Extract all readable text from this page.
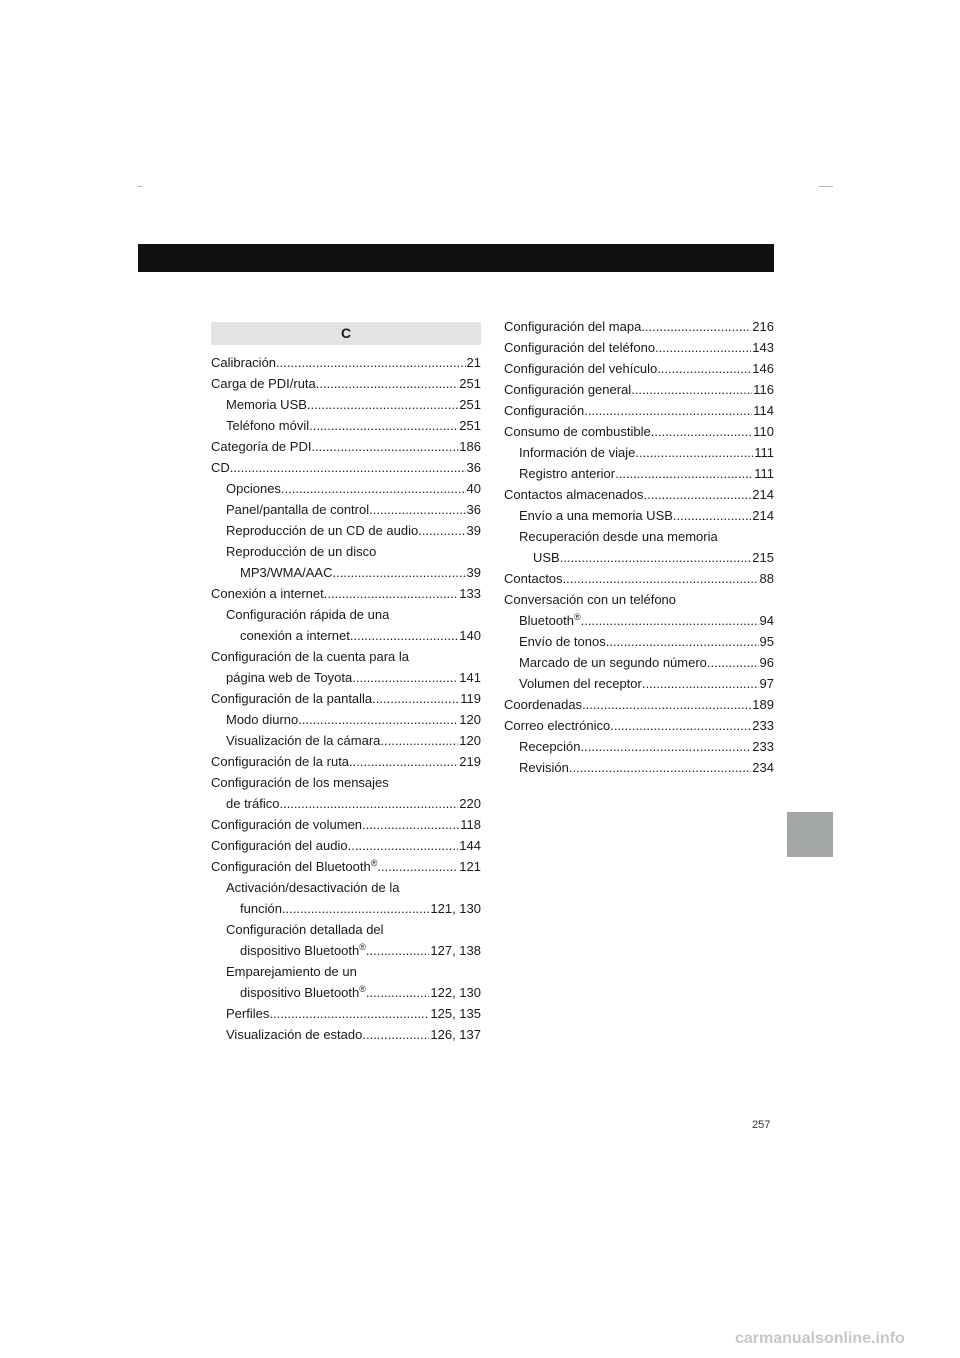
C
Calibración .....	21
Carga de PDI/ruta .....	251
Memoria USB .....	251
Teléfono móvil .....	251
Categoría de PDI .....	186
CD .....	36
Opciones .....	40
Panel/pantalla de control .....	36
Reproducción de un CD de audio .....	39
Reproducción de un disco
MP3/WMA/AAC .....	39
Conexión a internet .....	133
Configuración rápida de una
conexión a internet .....	140
Configuración de la cuenta para la
página web de Toyota .....	141
Configuración de la pantalla .....	119
Modo diurno .....	120
Visualización de la cámara .....	120
Configuración de la ruta .....	219
Configuración de los mensajes
de tráfico .....	220
Configuración de volumen .....	118
Configuración del audio .....	144
Configuración del Bluetooth® .....	121
Activación/desactivación de la
función .....	121, 130
Configuración detallada del
dispositivo Bluetooth® .....	127, 138
Emparejamiento de un
dispositivo Bluetooth® .....	122, 130
Perfiles .....	125, 135
Visualización de estado .....	126, 137
Configuración del mapa .....	216
Configuración del teléfono .....	143
Configuración del vehículo .....	146
Configuración general .....	116
Configuración .....	114
Consumo de combustible .....	110
Información de viaje .....	111
Registro anterior .....	111
Contactos almacenados .....	214
Envío a una memoria USB .....	214
Recuperación desde una memoria
USB .....	215
Contactos .....	88
Conversación con un teléfono
Bluetooth® .....	94
Envío de tonos .....	95
Marcado de un segundo número .....	96
Volumen del receptor .....	97
Coordenadas .....	189
Correo electrónico .....	233
Recepción .....	233
Revisión .....	234
257
carmanualsonline.info
